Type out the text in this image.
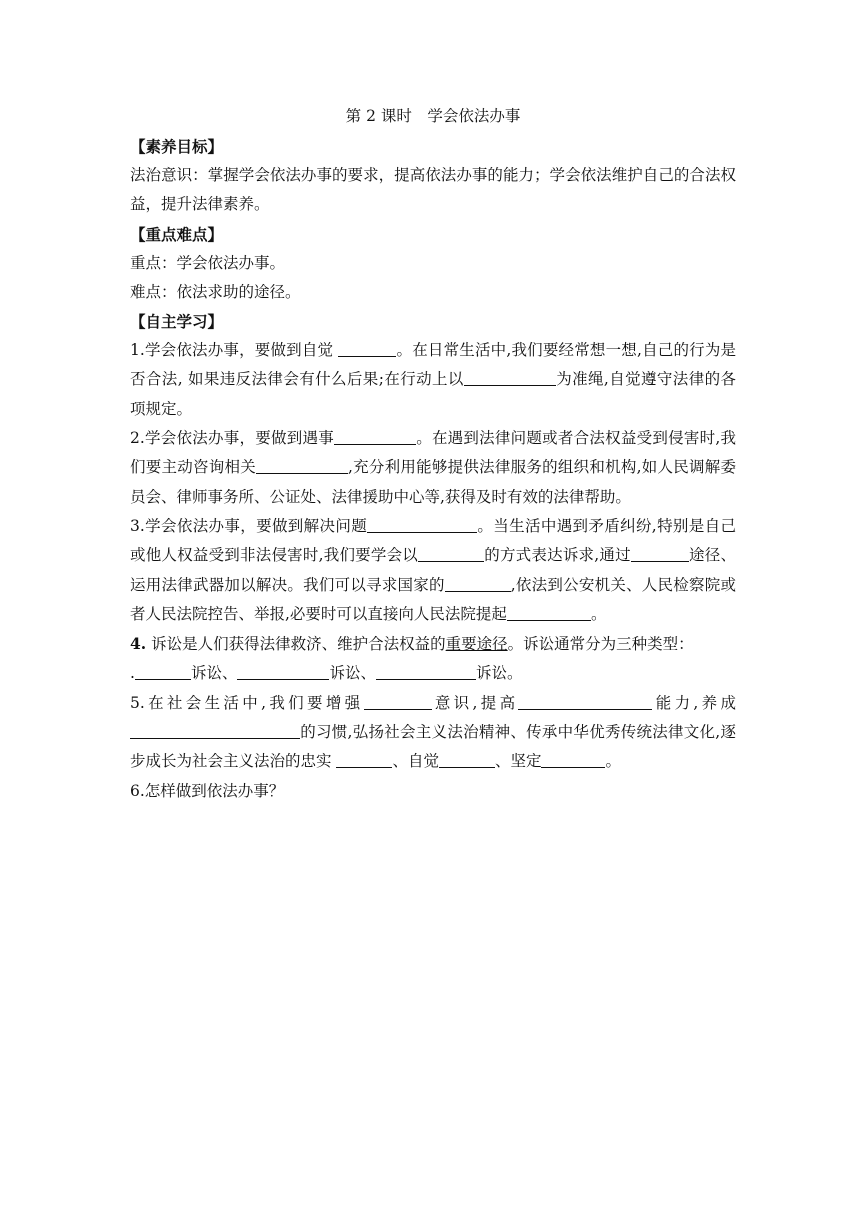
第 2 课时　学会依法办事
【素养目标】
法治意识：掌握学会依法办事的要求，提高依法办事的能力；学会依法维护自己的合法权益，提升法律素养。
【重点难点】
重点：学会依法办事。
难点：依法求助的途径。
【自主学习】
1.学会依法办事，要做到自觉	。在日常生活中,我们要经常想一想,自己的行为是否合法, 如果违反法律会有什么后果;在行动上以	为准绳,自觉遵守法律的各项规定。
2.学会依法办事，要做到遇事	。在遇到法律问题或者合法权益受到侵害时,我们要主动咨询相关	,充分利用能够提供法律服务的组织和机构,如人民调解委员会、律师事务所、公证处、法律援助中心等,获得及时有效的法律帮助。
3.学会依法办事，要做到解决问题	。当生活中遇到矛盾纠纷,特别是自己或他人权益受到非法侵害时,我们要学会以	的方式表达诉求,通过	途径、运用法律武器加以解决。我们可以寻求国家的	,依法到公安机关、人民检察院或者人民法院控告、举报,必要时可以直接向人民法院提起	。
4. 诉讼是人们获得法律救济、维护合法权益的重要途径。诉讼通常分为三种类型：
.	诉讼、	诉讼、	诉讼。
5.在社会生活中,我们要增强	意识,提高	能力,养成的习惯,弘扬社会主义法治精神、传承中华优秀传统法律文化,逐步成长为社会主义法治的忠实	、自觉	、坚定	。
6.怎样做到依法办事？
